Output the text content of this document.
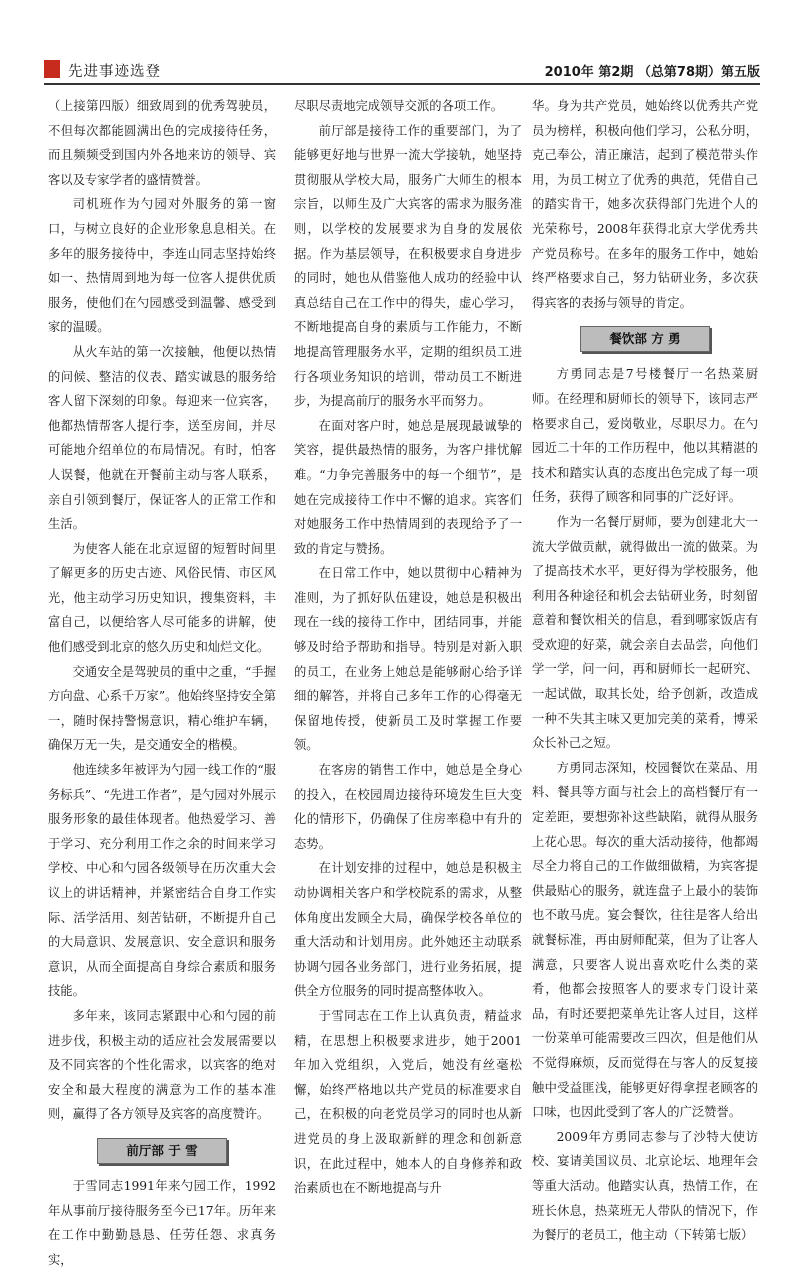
先进事迹选登	2010年 第2期 （总第78期）第五版

（上接第四版）细致周到的优秀驾驶员，不但每次都能圆满出色的完成接待任务，而且频频受到国内外各地来访的领导、宾客以及专家学者的盛情赞誉。

司机班作为勺园对外服务的第一窗口，与树立良好的企业形象息息相关。在多年的服务接待中，李连山同志坚持始终如一、热情周到地为每一位客人提供优质服务，使他们在勺园感受到温馨、感受到家的温暖。

从火车站的第一次接触，他便以热情的问候、整洁的仪表、踏实诚恳的服务给客人留下深刻的印象。每迎来一位宾客，他都热情帮客人提行李，送至房间，并尽可能地介绍单位的布局情况。有时，怕客人误餐，他就在开餐前主动与客人联系，亲自引领到餐厅，保证客人的正常工作和生活。

为使客人能在北京逗留的短暂时间里了解更多的历史古迹、风俗民情、市区风光，他主动学习历史知识，搜集资料，丰富自己，以便给客人尽可能多的讲解，使他们感受到北京的悠久历史和灿烂文化。

交通安全是驾驶员的重中之重，“手握方向盘、心系千万家”。他始终坚持安全第一，随时保持警惕意识，精心维护车辆，确保万无一失，是交通安全的楷模。

他连续多年被评为勺园一线工作的“服务标兵”、“先进工作者”，是勺园对外展示服务形象的最佳体现者。他热爱学习、善于学习、充分利用工作之余的时间来学习学校、中心和勺园各级领导在历次重大会议上的讲话精神，并紧密结合自身工作实际、活学活用、刻苦钻研，不断提升自己的大局意识、发展意识、安全意识和服务意识，从而全面提高自身综合素质和服务技能。

多年来，该同志紧跟中心和勺园的前进步伐，积极主动的适应社会发展需要以及不同宾客的个性化需求，以宾客的绝对安全和最大程度的满意为工作的基本准则，赢得了各方领导及宾客的高度赞许。

前厅部 于 雪

于雪同志1991年来勺园工作，1992年从事前厅接待服务至今已17年。历年来在工作中勤勤恳恳、任劳任怨、求真务实，

尽职尽责地完成领导交派的各项工作。

前厅部是接待工作的重要部门，为了能够更好地与世界一流大学接轨，她坚持贯彻服从学校大局，服务广大师生的根本宗旨，以师生及广大宾客的需求为服务准则，以学校的发展要求为自身的发展依据。作为基层领导，在积极要求自身进步的同时，她也从借鉴他人成功的经验中认真总结自己在工作中的得失，虚心学习，不断地提高自身的素质与工作能力，不断地提高管理服务水平，定期的组织员工进行各项业务知识的培训，带动员工不断进步，为提高前厅的服务水平而努力。

在面对客户时，她总是展现最诚挚的笑容，提供最热情的服务，为客户排忧解难。“力争完善服务中的每一个细节”，是她在完成接待工作中不懈的追求。宾客们对她服务工作中热情周到的表现给予了一致的肯定与赞扬。

在日常工作中，她以贯彻中心精神为准则，为了抓好队伍建设，她总是积极出现在一线的接待工作中，团结同事，并能够及时给予帮助和指导。特别是对新入职的员工，在业务上她总是能够耐心给予详细的解答，并将自己多年工作的心得毫无保留地传授，使新员工及时掌握工作要领。

在客房的销售工作中，她总是全身心的投入，在校园周边接待环境发生巨大变化的情形下，仍确保了住房率稳中有升的态势。

在计划安排的过程中，她总是积极主动协调相关客户和学校院系的需求，从整体角度出发顾全大局，确保学校各单位的重大活动和计划用房。此外她还主动联系协调勺园各业务部门，进行业务拓展，提供全方位服务的同时提高整体收入。

于雪同志在工作上认真负责，精益求精，在思想上积极要求进步，她于2001年加入党组织，入党后，她没有丝毫松懈，始终严格地以共产党员的标准要求自己，在积极的向老党员学习的同时也从新进党员的身上汲取新鲜的理念和创新意识，在此过程中，她本人的自身修养和政治素质也在不断地提高与升

华。身为共产党员，她始终以优秀共产党员为榜样，积极向他们学习，公私分明，克己奉公，清正廉洁，起到了模范带头作用，为员工树立了优秀的典范，凭借自己的踏实肯干，她多次获得部门先进个人的光荣称号，2008年获得北京大学优秀共产党员称号。在多年的服务工作中，她始终严格要求自己，努力钻研业务，多次获得宾客的表扬与领导的肯定。

餐饮部 方 勇

方勇同志是7号楼餐厅一名热菜厨师。在经理和厨师长的领导下，该同志严格要求自己，爱岗敬业，尽职尽力。在勺园近二十年的工作历程中，他以其精湛的技术和踏实认真的态度出色完成了每一项任务，获得了顾客和同事的广泛好评。

作为一名餐厅厨师，要为创建北大一流大学做贡献，就得做出一流的做菜。为了提高技术水平，更好得为学校服务，他利用各种途径和机会去钻研业务，时刻留意着和餐饮相关的信息，看到哪家饭店有受欢迎的好菜，就会亲自去品尝，向他们学一学，问一问，再和厨师长一起研究、一起试做，取其长处，给予创新，改造成一种不失其主味又更加完美的菜肴，博采众长补己之短。

方勇同志深知，校园餐饮在菜品、用料、餐具等方面与社会上的高档餐厅有一定差距，要想弥补这些缺陷，就得从服务上花心思。每次的重大活动接待，他都竭尽全力将自己的工作做细做精，为宾客提供最贴心的服务，就连盘子上最小的装饰也不敢马虎。宴会餐饮，往往是客人给出就餐标准，再由厨师配菜，但为了让客人满意，只要客人说出喜欢吃什么类的菜肴，他都会按照客人的要求专门设计菜品，有时还要把菜单先让客人过目，这样一份菜单可能需要改三四次，但是他们从不觉得麻烦，反而觉得在与客人的反复接触中受益匪浅，能够更好得拿捏老顾客的口味，也因此受到了客人的广泛赞誉。

2009年方勇同志参与了沙特大使访校、宴请美国议员、北京论坛、地理年会等重大活动。他踏实认真，热情工作，在班长休息，热菜班无人带队的情况下，作为餐厅的老员工，他主动（下转第七版）
